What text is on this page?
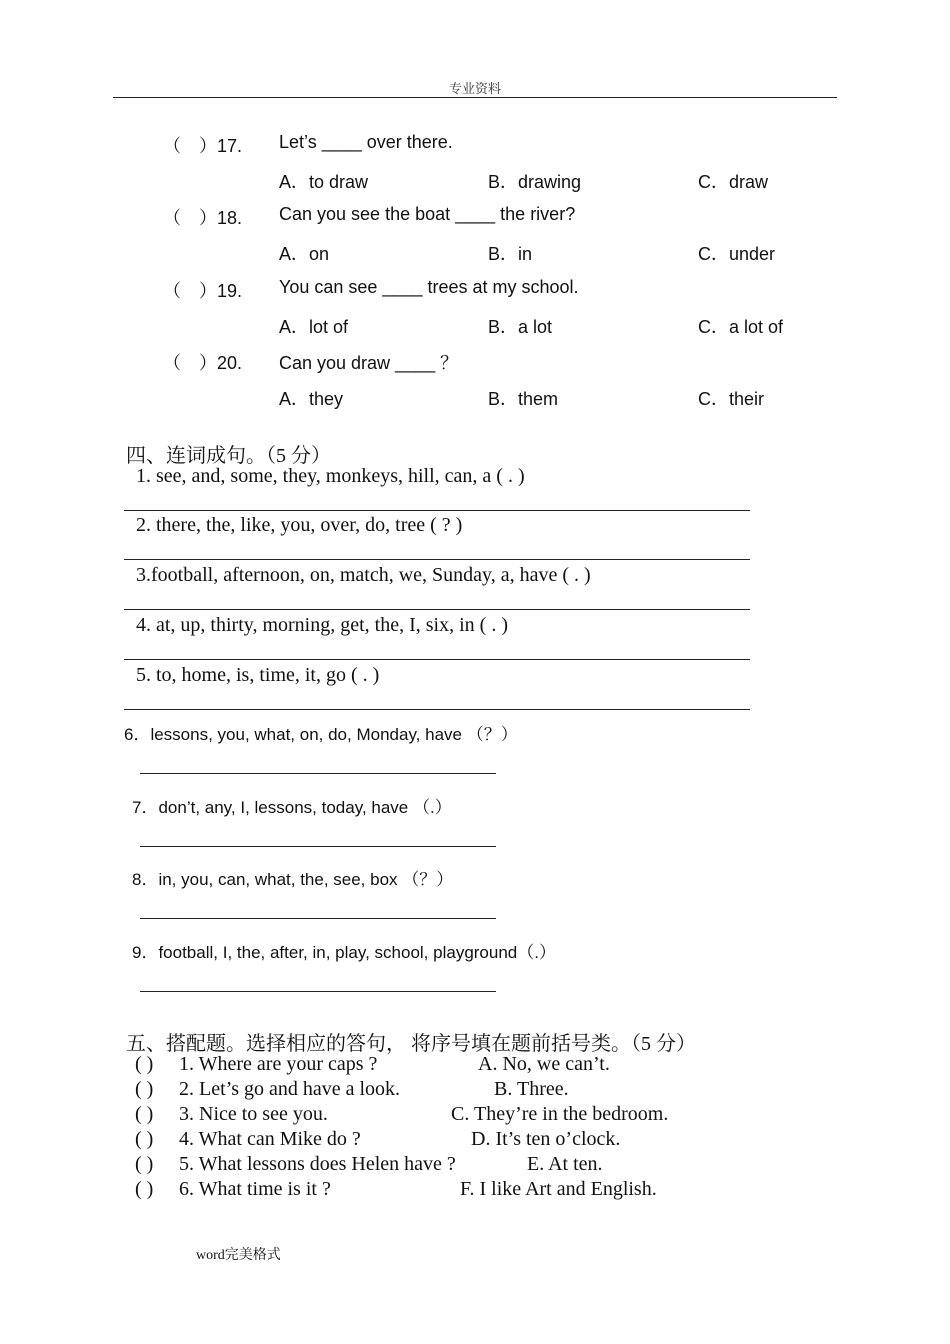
专业资料
（　）17. Let’s ____ over there.
A．to draw	B．drawing	C．draw
（　）18. Can you see the boat ____ the river?
A．on	B．in	C．under
（　）19. You can see ____ trees at my school.
A．lot of	B．a lot	C．a lot of
（　）20. Can you draw ____ ？
A．they	B．them	C．their
四、连词成句。（5 分）
1. see, and, some, they, monkeys, hill, can, a ( . )
2. there, the, like, you, over, do, tree ( ? )
3.football, afternoon, on, match, we, Sunday, a, have ( . )
4. at, up, thirty, morning, get, the, I, six, in ( . )
5. to, home, is, time, it, go ( . )
6．lessons, you, what, on, do, Monday, have （？）
7．don’t, any, I, lessons, today, have （.）
8．in, you, can, what, the, see, box （？）
9．football, I, the, after, in, play, school, playground（.）
五、搭配题。选择相应的答句， 将序号填在题前括号类。（5 分）
( ) 1. Where are your caps ?	A. No, we can’t.
( ) 2. Let’s go and have a look.	B. Three.
( ) 3. Nice to see you.	C. They’re in the bedroom.
( ) 4. What can Mike do ?	D. It’s ten o’clock.
( ) 5. What lessons does Helen have ?	E. At ten.
( ) 6. What time is it ?	F. I like Art and English.
word完美格式
